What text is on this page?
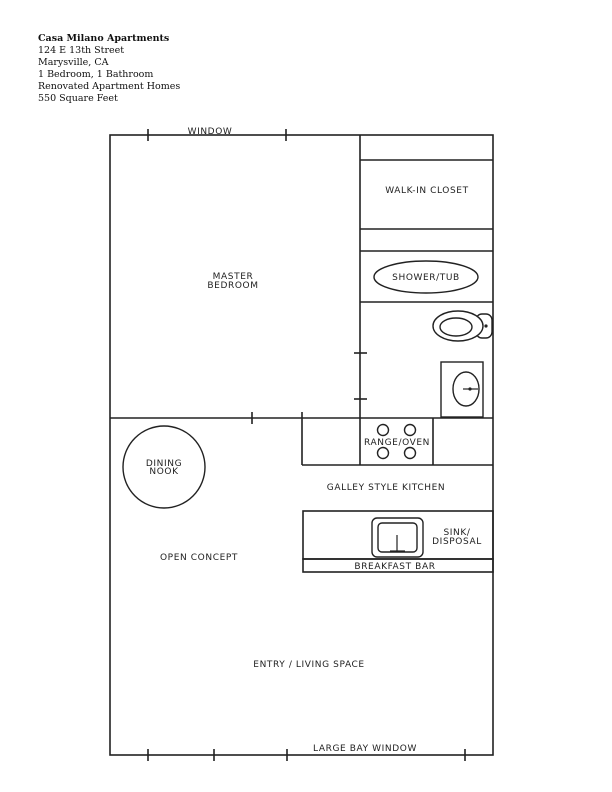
Casa Milano Apartments
124 E 13th Street
Marysville, CA
1 Bedroom, 1 Bathroom
Renovated Apartment Homes
550 Square Feet
WINDOW
WALK-IN CLOSET
SHOWER/TUB
MASTER
BEDROOM
RANGE/OVEN
DINING
NOOK
GALLEY STYLE KITCHEN
BREAKFAST BAR
SINK/
DISPOSAL
OPEN CONCEPT
ENTRY / LIVING SPACE
LARGE BAY WINDOW
